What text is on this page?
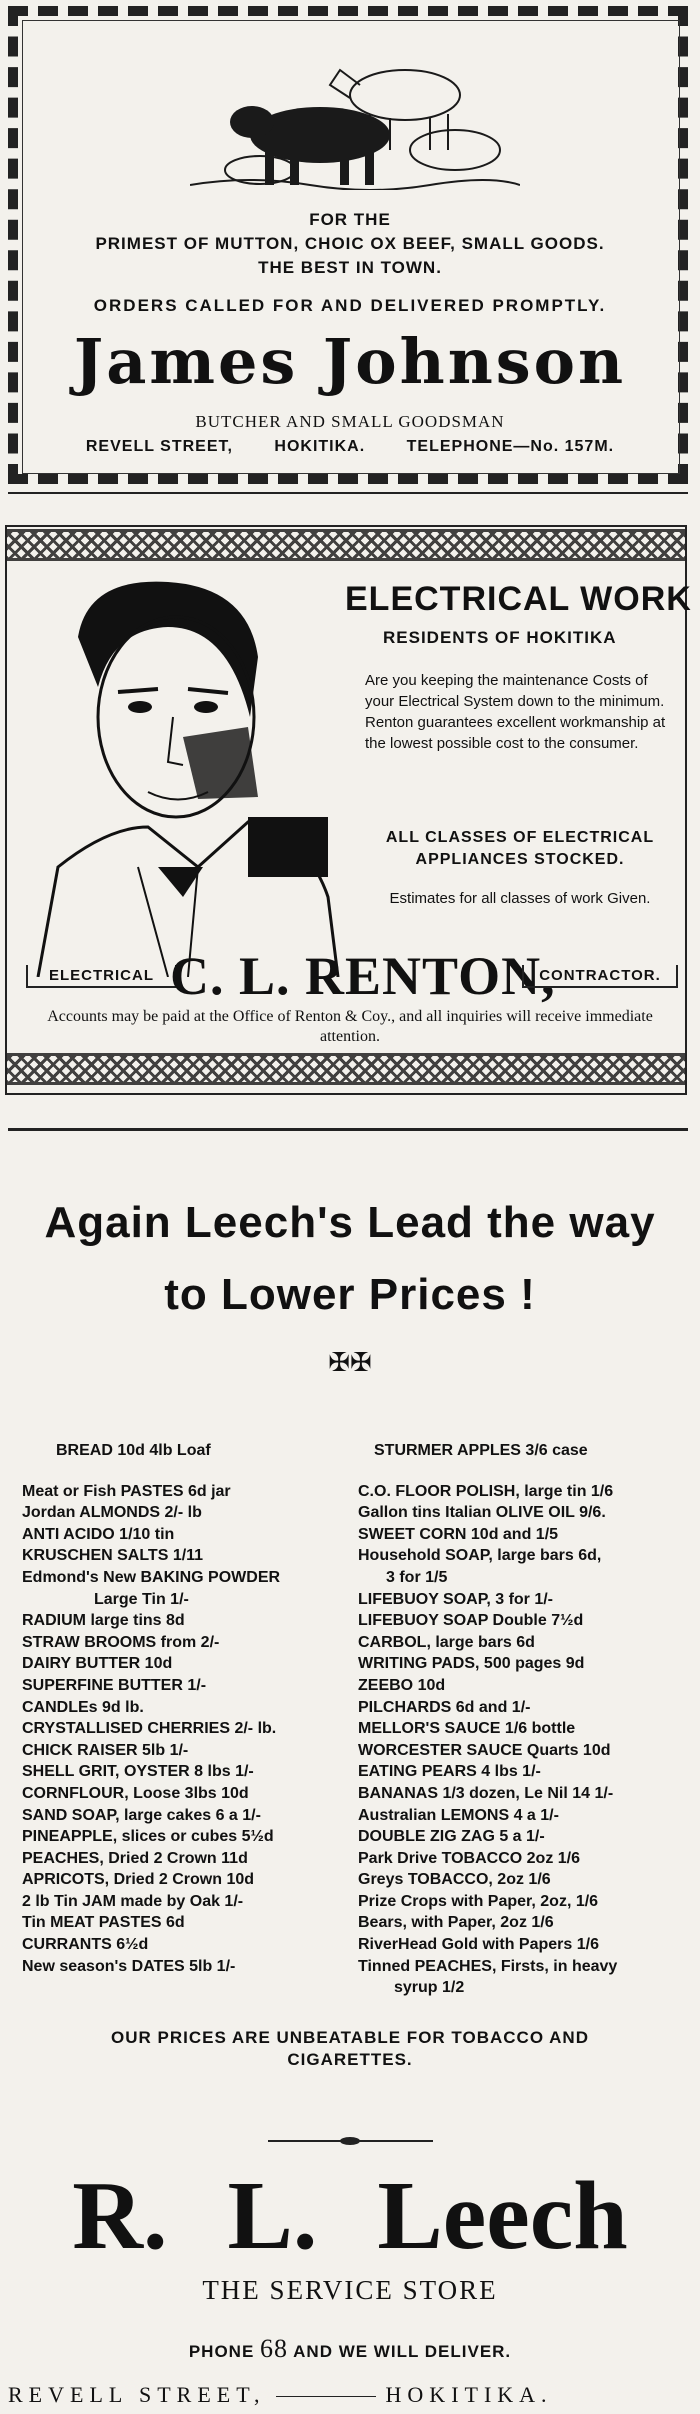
FOR THE
PRIMEST OF MUTTON, CHOIC OX BEEF, SMALL GOODS.
THE BEST IN TOWN.
ORDERS CALLED FOR AND DELIVERED PROMPTLY.
James Johnson
BUTCHER AND SMALL GOODSMAN
REVELL STREET,	HOKITIKA.	TELEPHONE—No. 157M.
ELECTRICAL WORK
RESIDENTS OF HOKITIKA

Are you keeping the maintenance Costs of your Electrical System down to the minimum.

Renton guarantees excellent workmanship at the lowest possible cost to the consumer.

ALL CLASSES OF ELECTRICAL APPLIANCES STOCKED.
Estimates for all classes of work Given.
ELECTRICAL C. L. RENTON,
CONTRACTOR.
Accounts may be paid at the Office of Renton & Coy., and all inquiries will receive immediate attention.
Again Leech's Lead the way
to Lower Prices !
✠✠
BREAD 10d 4lb Loaf
Meat or Fish PASTES 6d jar
Jordan ALMONDS 2/- lb
ANTI ACIDO 1/10 tin
KRUSCHEN SALTS 1/11
Edmond's New BAKING POWDER
Large Tin 1/-
RADIUM large tins 8d
STRAW BROOMS from 2/-
DAIRY BUTTER 10d
SUPERFINE BUTTER 1/-
CANDLEs 9d lb.
CRYSTALLISED CHERRIES 2/- lb.
CHICK RAISER 5lb 1/-
SHELL GRIT, OYSTER 8 lbs 1/-
CORNFLOUR, Loose 3lbs 10d
SAND SOAP, large cakes 6 a 1/-
PINEAPPLE, slices or cubes 5½d
PEACHES, Dried 2 Crown 11d
APRICOTS, Dried 2 Crown 10d
2 lb Tin JAM made by Oak 1/-
Tin MEAT PASTES 6d
CURRANTS 6½d
New season's DATES 5lb 1/-
STURMER APPLES 3/6 case
C.O. FLOOR POLISH, large tin 1/6
Gallon tins Italian OLIVE OIL 9/6.
SWEET CORN 10d and 1/5
Household SOAP, large bars 6d,
3 for 1/5
LIFEBUOY SOAP, 3 for 1/-
LIFEBUOY SOAP Double 7½d
CARBOL, large bars 6d
WRITING PADS, 500 pages 9d
ZEEBO 10d
PILCHARDS 6d and 1/-
MELLOR'S SAUCE 1/6 bottle
WORCESTER SAUCE Quarts 10d
EATING PEARS 4 lbs 1/-
BANANAS 1/3 dozen, Le Nil 14 1/-
Australian LEMONS 4 a 1/-
DOUBLE ZIG ZAG 5 a 1/-
Park Drive TOBACCO 2oz 1/6
Greys TOBACCO, 2oz 1/6
Prize Crops with Paper, 2oz, 1/6
Bears, with Paper, 2oz 1/6
RiverHead Gold with Papers 1/6
Tinned PEACHES, Firsts, in heavy
syrup 1/2
OUR PRICES ARE UNBEATABLE FOR TOBACCO AND
CIGARETTES.
R. L. Leech
THE SERVICE STORE
PHONE 68 AND WE WILL DELIVER.
REVELL STREET,	HOKITIKA.
